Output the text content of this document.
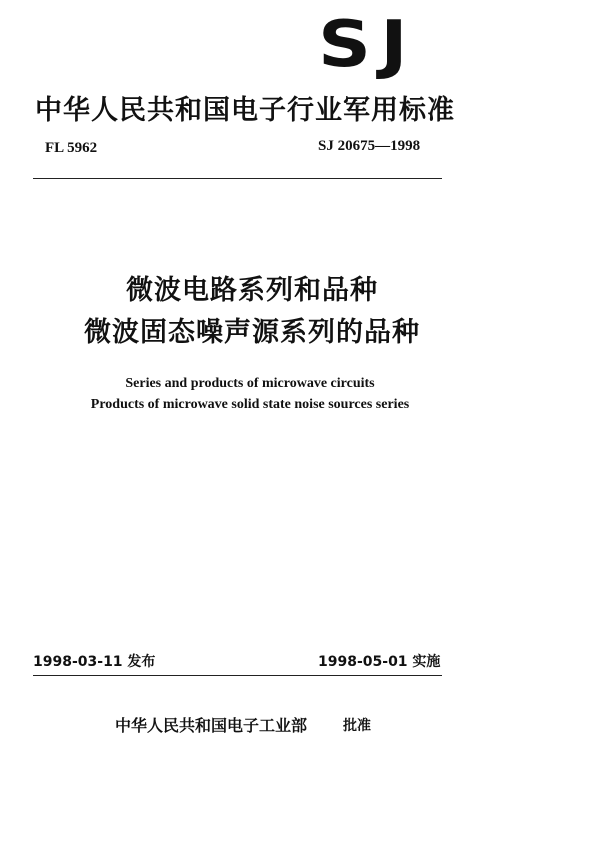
SJ
中华人民共和国电子行业军用标准
FL 5962	SJ 20675—1998
微波电路系列和品种
微波固态噪声源系列的品种
Series and products of microwave circuits
Products of microwave solid state noise sources series
1998-03-11 发布	1998-05-01 实施
中华人民共和国电子工业部	批准
